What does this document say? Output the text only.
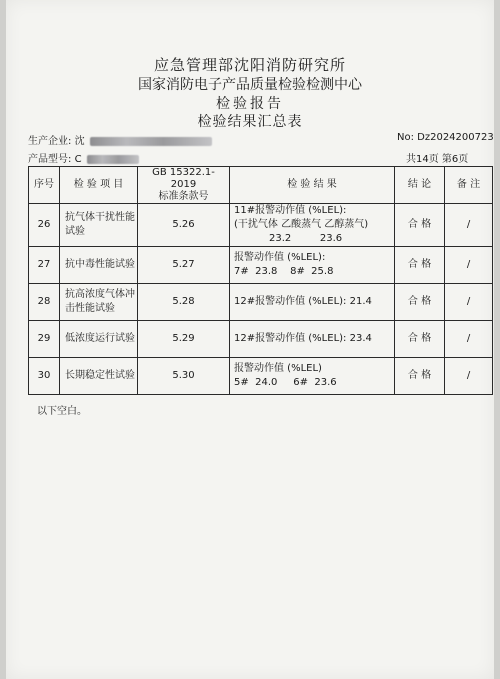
应急管理部沈阳消防研究所
国家消防电子产品质量检验检测中心
检验报告
检验结果汇总表
生产企业: 沈	No: Dz2024200723
产品型号: C	共14页 第6页
序号	检 验 项 目	GB 15322.1-2019
标准条款号	检 验 结 果	结 论	备 注
26	抗气体干扰性能试验	5.26	11#报警动作值 (%LEL):
(干扰气体 乙酸蒸气 乙醇蒸气)
23.2         23.6	合 格	/
27	抗中毒性能试验	5.27	报警动作值 (%LEL):
7#  23.8    8#  25.8	合 格	/
28	抗高浓度气体冲击性能试验	5.28	12#报警动作值 (%LEL): 21.4	合 格	/
29	低浓度运行试验	5.29	12#报警动作值 (%LEL): 23.4	合 格	/
30	长期稳定性试验	5.30	报警动作值 (%LEL)
5#  24.0     6#  23.6	合 格	/
以下空白。
